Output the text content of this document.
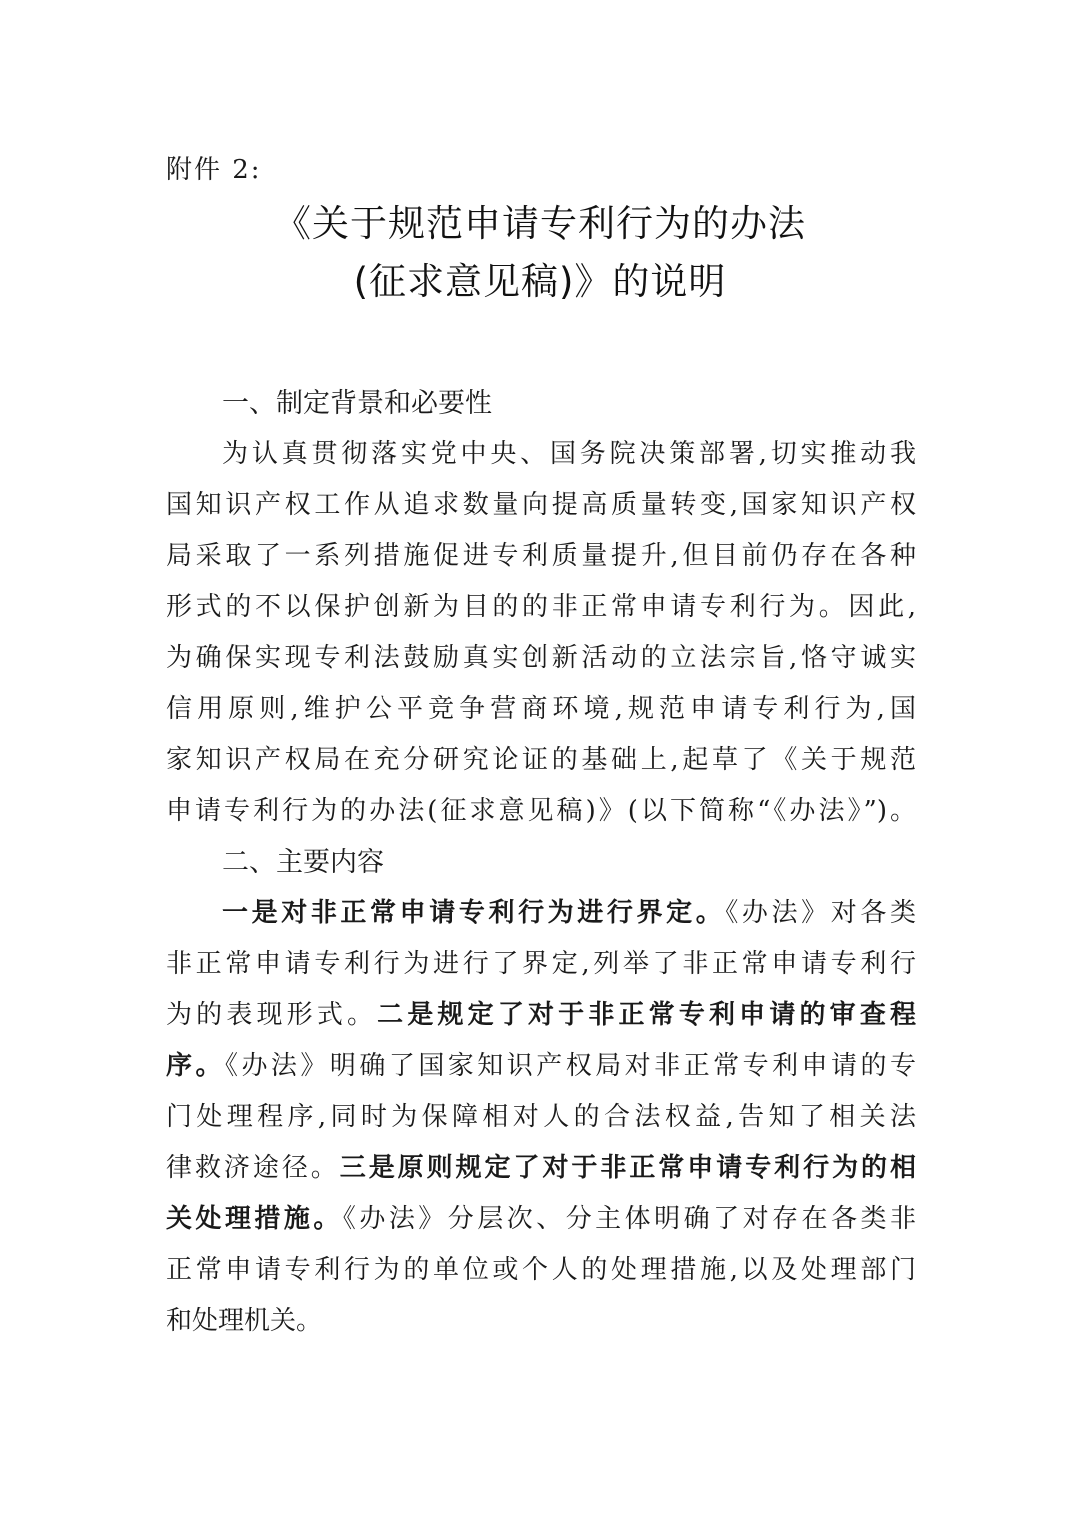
附件 2:
《关于规范申请专利行为的办法
(征求意见稿)》的说明
一、制定背景和必要性
为认真贯彻落实党中央、国务院决策部署,切实推动我
国知识产权工作从追求数量向提高质量转变,国家知识产权
局采取了一系列措施促进专利质量提升,但目前仍存在各种
形式的不以保护创新为目的的非正常申请专利行为。因此,
为确保实现专利法鼓励真实创新活动的立法宗旨,恪守诚实
信用原则,维护公平竞争营商环境,规范申请专利行为,国
家知识产权局在充分研究论证的基础上,起草了《关于规范
申请专利行为的办法(征求意见稿)》(以下简称“《办法》”)。
二、主要内容
一是对非正常申请专利行为进行界定。《办法》对各类
非正常申请专利行为进行了界定,列举了非正常申请专利行
为的表现形式。二是规定了对于非正常专利申请的审查程
序。《办法》明确了国家知识产权局对非正常专利申请的专
门处理程序,同时为保障相对人的合法权益,告知了相关法
律救济途径。三是原则规定了对于非正常申请专利行为的相
关处理措施。《办法》分层次、分主体明确了对存在各类非
正常申请专利行为的单位或个人的处理措施,以及处理部门
和处理机关。
